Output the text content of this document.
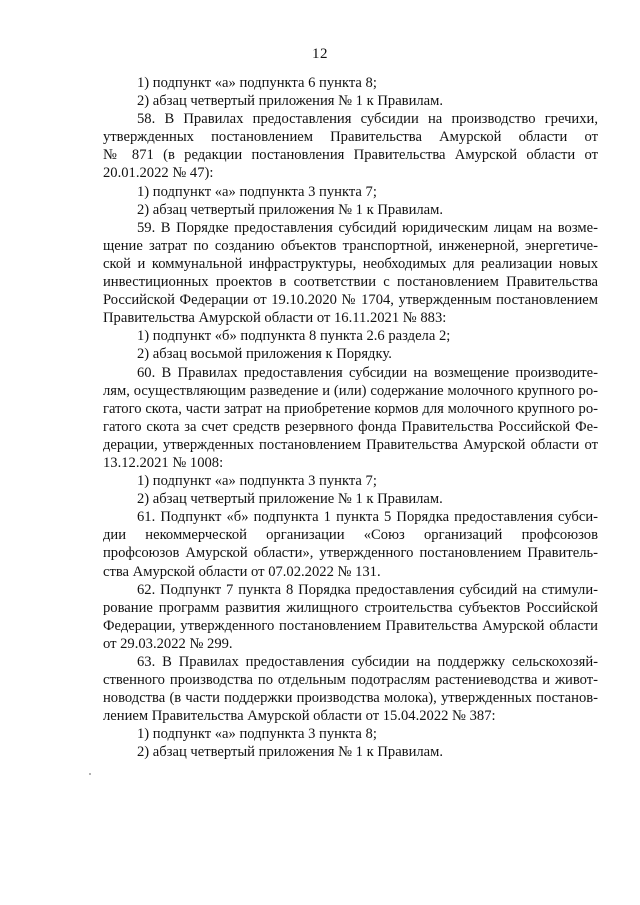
12
1) подпункт «а» подпункта 6 пункта 8;
2) абзац четвертый приложения № 1 к Правилам.
58. В Правилах предоставления субсидии на производство гречихи,
утвержденных постановлением Правительства Амурской области от
№ 871 (в редакции постановления Правительства Амурской области от
20.01.2022 № 47):
1) подпункт «а» подпункта 3 пункта 7;
2) абзац четвертый приложения № 1 к Правилам.
59. В Порядке предоставления субсидий юридическим лицам на возме-
щение затрат по созданию объектов транспортной, инженерной, энергетиче-
ской и коммунальной инфраструктуры, необходимых для реализации новых
инвестиционных проектов в соответствии с постановлением Правительства
Российской Федерации от 19.10.2020 № 1704, утвержденным постановлением
Правительства Амурской области от 16.11.2021 № 883:
1) подпункт «б» подпункта 8 пункта 2.6 раздела 2;
2) абзац восьмой приложения к Порядку.
60. В Правилах предоставления субсидии на возмещение производите-
лям, осуществляющим разведение и (или) содержание молочного крупного ро-
гатого скота, части затрат на приобретение кормов для молочного крупного ро-
гатого скота за счет средств резервного фонда Правительства Российской Фе-
дерации, утвержденных постановлением Правительства Амурской области от
13.12.2021 № 1008:
1) подпункт «а» подпункта 3 пункта 7;
2) абзац четвертый приложение № 1 к Правилам.
61. Подпункт «б» подпункта 1 пункта 5 Порядка предоставления субси-
дии некоммерческой организации «Союз организаций профсоюзов
профсоюзов Амурской области», утвержденного постановлением Правитель-
ства Амурской области от 07.02.2022 № 131.
62. Подпункт 7 пункта 8 Порядка предоставления субсидий на стимули-
рование программ развития жилищного строительства субъектов Российской
Федерации, утвержденного постановлением Правительства Амурской области
от 29.03.2022 № 299.
63. В Правилах предоставления субсидии на поддержку сельскохозяй-
ственного производства по отдельным подотраслям растениеводства и живот-
новодства (в части поддержки производства молока), утвержденных постанов-
лением Правительства Амурской области от 15.04.2022 № 387:
1) подпункт «а» подпункта 3 пункта 8;
2) абзац четвертый приложения № 1 к Правилам.
